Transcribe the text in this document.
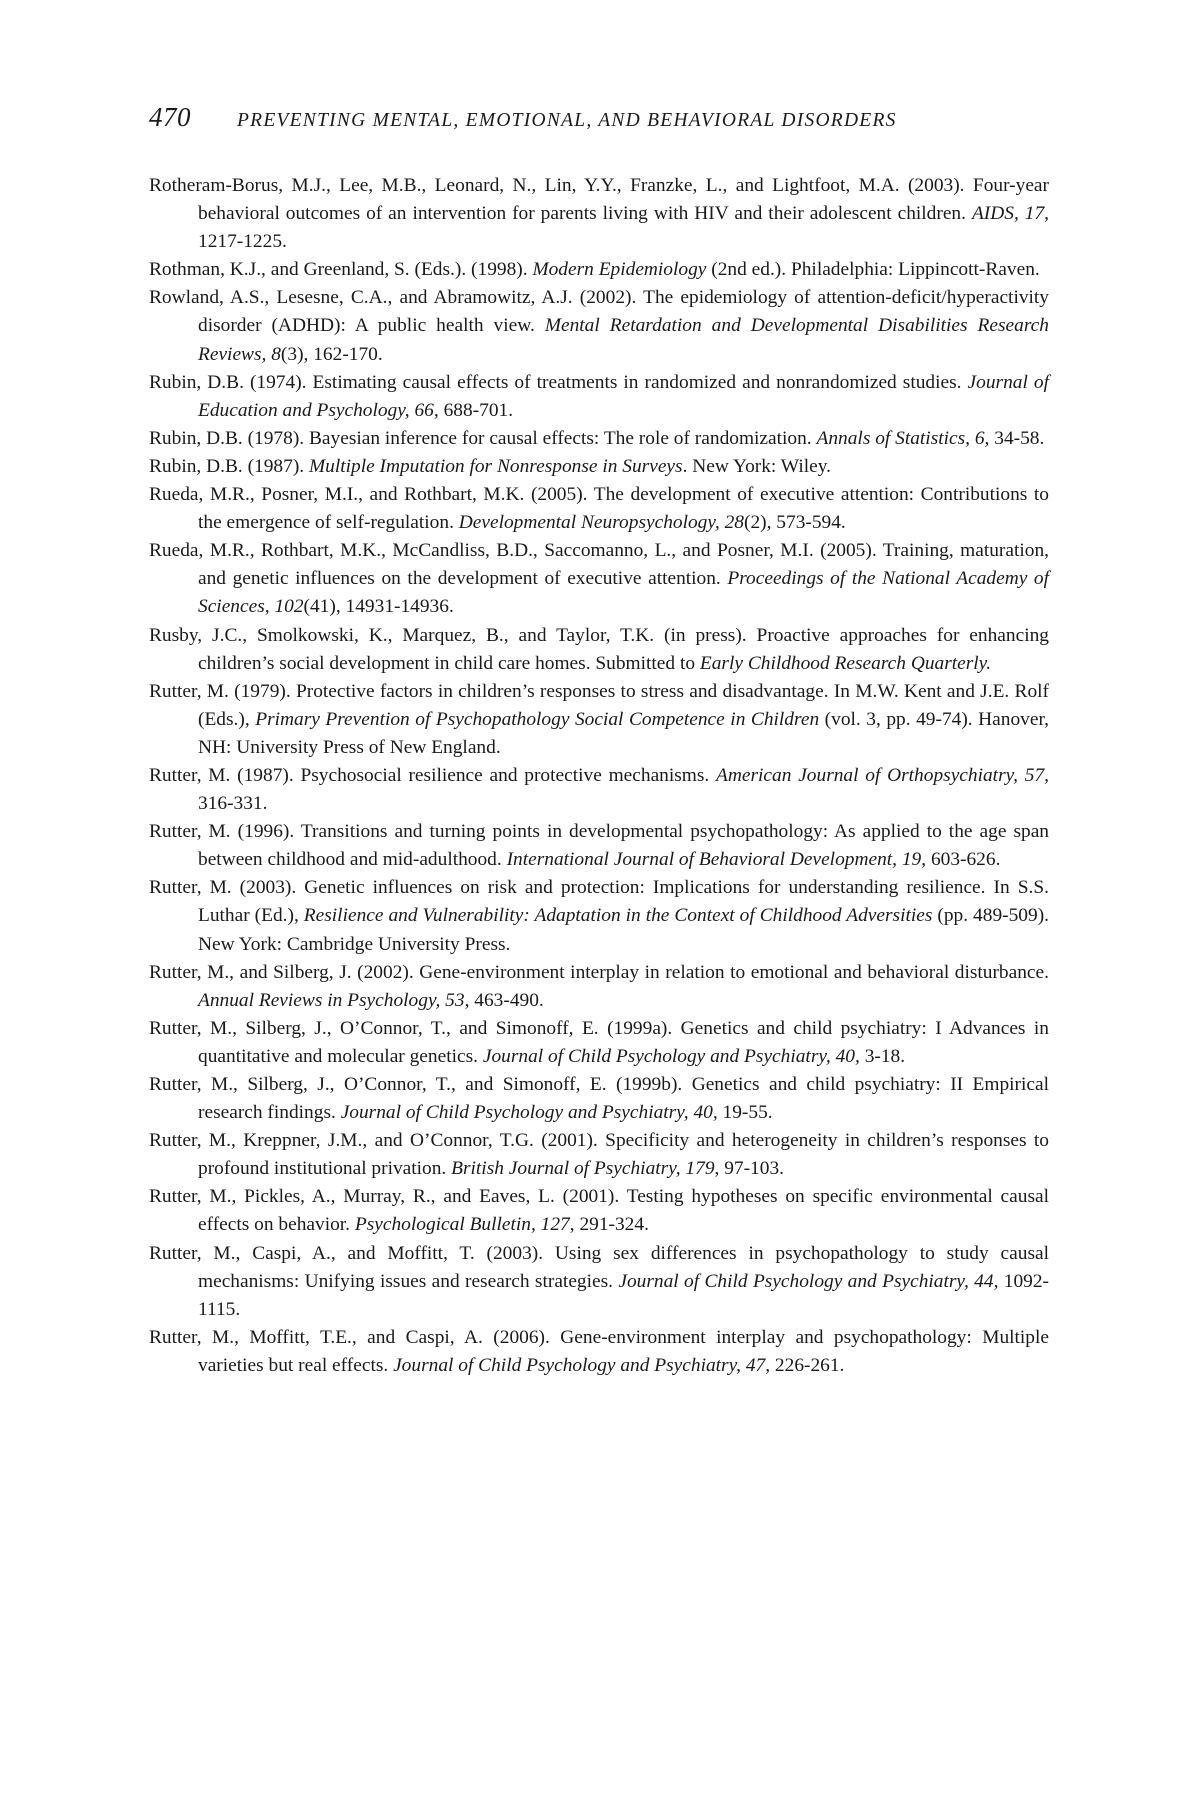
470 PREVENTING MENTAL, EMOTIONAL, AND BEHAVIORAL DISORDERS

Rotheram-Borus, M.J., Lee, M.B., Leonard, N., Lin, Y.Y., Franzke, L., and Lightfoot, M.A. (2003). Four-year behavioral outcomes of an intervention for parents living with HIV and their adolescent children. AIDS, 17, 1217-1225.

Rothman, K.J., and Greenland, S. (Eds.). (1998). Modern Epidemiology (2nd ed.). Philadelphia: Lippincott-Raven.

Rowland, A.S., Lesesne, C.A., and Abramowitz, A.J. (2002). The epidemiology of attention-deficit/hyperactivity disorder (ADHD): A public health view. Mental Retardation and Developmental Disabilities Research Reviews, 8(3), 162-170.

Rubin, D.B. (1974). Estimating causal effects of treatments in randomized and nonrandomized studies. Journal of Education and Psychology, 66, 688-701.

Rubin, D.B. (1978). Bayesian inference for causal effects: The role of randomization. Annals of Statistics, 6, 34-58.

Rubin, D.B. (1987). Multiple Imputation for Nonresponse in Surveys. New York: Wiley.

Rueda, M.R., Posner, M.I., and Rothbart, M.K. (2005). The development of executive attention: Contributions to the emergence of self-regulation. Developmental Neuropsychology, 28(2), 573-594.

Rueda, M.R., Rothbart, M.K., McCandliss, B.D., Saccomanno, L., and Posner, M.I. (2005). Training, maturation, and genetic influences on the development of executive attention. Proceedings of the National Academy of Sciences, 102(41), 14931-14936.

Rusby, J.C., Smolkowski, K., Marquez, B., and Taylor, T.K. (in press). Proactive approaches for enhancing children’s social development in child care homes. Submitted to Early Childhood Research Quarterly.

Rutter, M. (1979). Protective factors in children’s responses to stress and disadvantage. In M.W. Kent and J.E. Rolf (Eds.), Primary Prevention of Psychopathology Social Competence in Children (vol. 3, pp. 49-74). Hanover, NH: University Press of New England.

Rutter, M. (1987). Psychosocial resilience and protective mechanisms. American Journal of Orthopsychiatry, 57, 316-331.

Rutter, M. (1996). Transitions and turning points in developmental psychopathology: As applied to the age span between childhood and mid-adulthood. International Journal of Behavioral Development, 19, 603-626.

Rutter, M. (2003). Genetic influences on risk and protection: Implications for understanding resilience. In S.S. Luthar (Ed.), Resilience and Vulnerability: Adaptation in the Context of Childhood Adversities (pp. 489-509). New York: Cambridge University Press.

Rutter, M., and Silberg, J. (2002). Gene-environment interplay in relation to emotional and behavioral disturbance. Annual Reviews in Psychology, 53, 463-490.

Rutter, M., Silberg, J., O’Connor, T., and Simonoff, E. (1999a). Genetics and child psychiatry: I Advances in quantitative and molecular genetics. Journal of Child Psychology and Psychiatry, 40, 3-18.

Rutter, M., Silberg, J., O’Connor, T., and Simonoff, E. (1999b). Genetics and child psychiatry: II Empirical research findings. Journal of Child Psychology and Psychiatry, 40, 19-55.

Rutter, M., Kreppner, J.M., and O’Connor, T.G. (2001). Specificity and heterogeneity in children’s responses to profound institutional privation. British Journal of Psychiatry, 179, 97-103.

Rutter, M., Pickles, A., Murray, R., and Eaves, L. (2001). Testing hypotheses on specific environmental causal effects on behavior. Psychological Bulletin, 127, 291-324.

Rutter, M., Caspi, A., and Moffitt, T. (2003). Using sex differences in psychopathology to study causal mechanisms: Unifying issues and research strategies. Journal of Child Psychology and Psychiatry, 44, 1092-1115.

Rutter, M., Moffitt, T.E., and Caspi, A. (2006). Gene-environment interplay and psychopathology: Multiple varieties but real effects. Journal of Child Psychology and Psychiatry, 47, 226-261.
